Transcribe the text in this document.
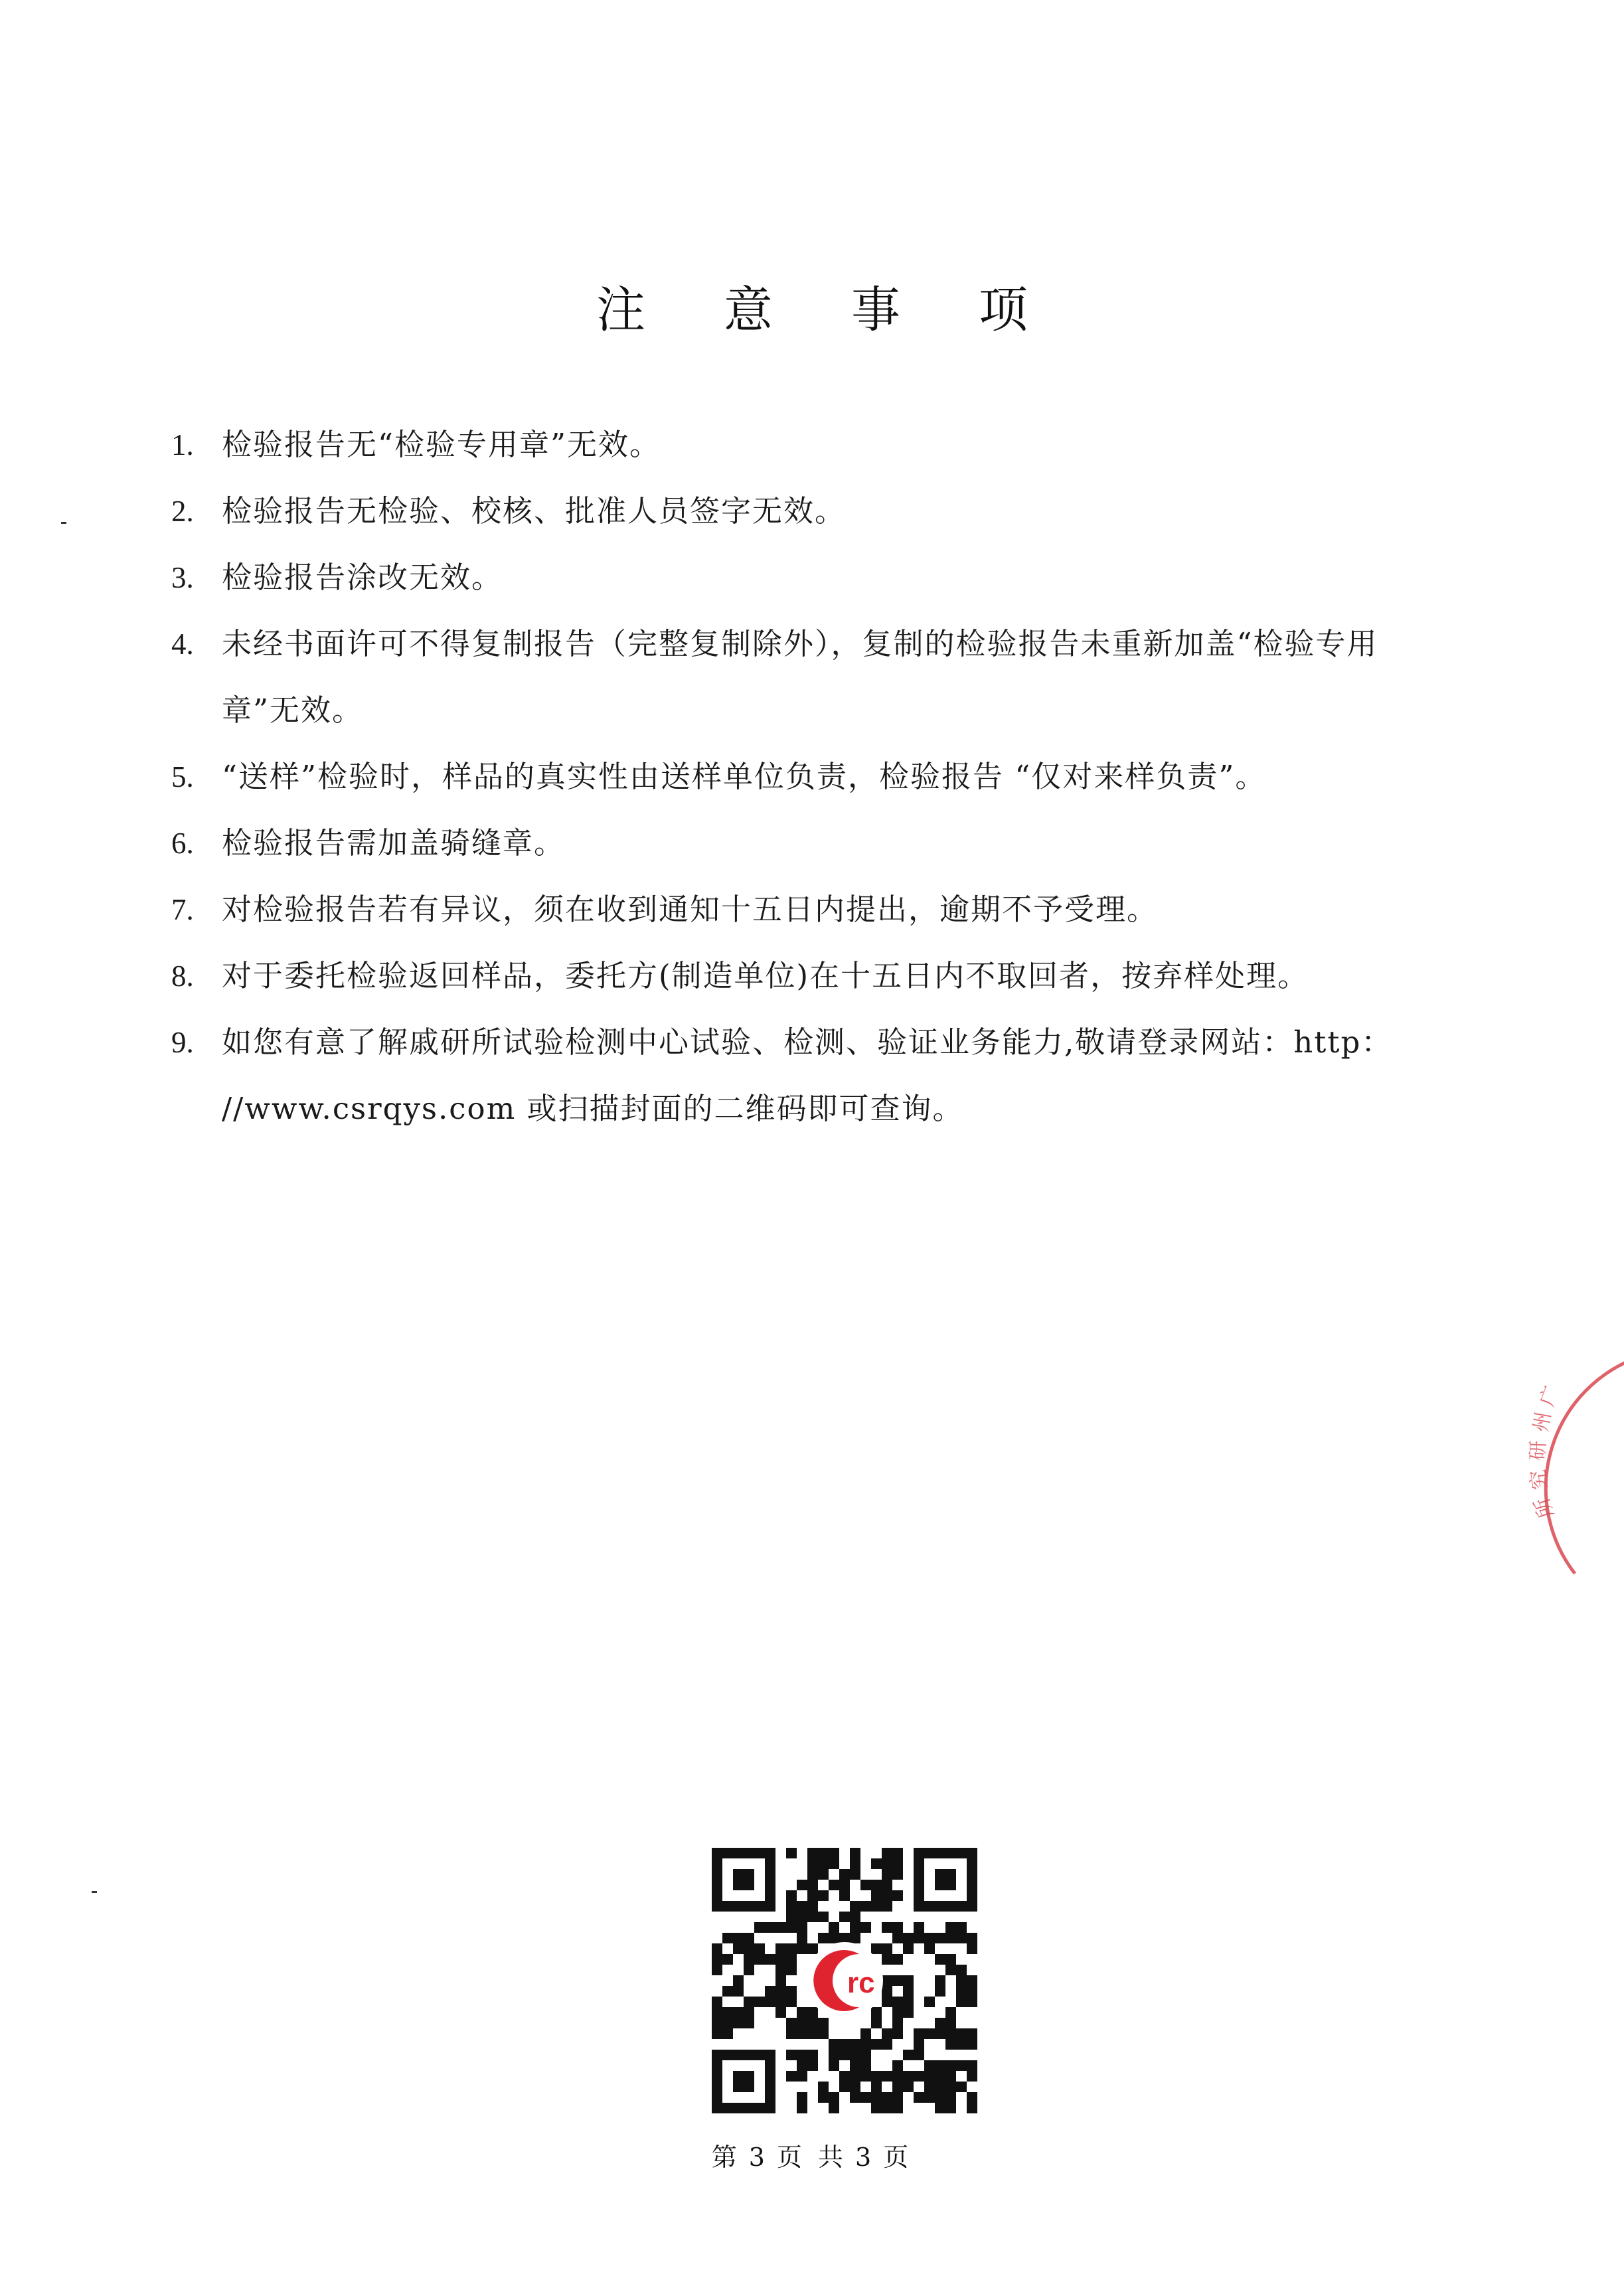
注意事项
1. 检验报告无“检验专用章”无效。
2. 检验报告无检验、校核、批准人员签字无效。
3. 检验报告涂改无效。
4. 未经书面许可不得复制报告（完整复制除外），复制的检验报告未重新加盖“检验专用
章”无效。
5. “送样”检验时，样品的真实性由送样单位负责，检验报告 “仅对来样负责”。
6. 检验报告需加盖骑缝章。
7. 对检验报告若有异议，须在收到通知十五日内提出，逾期不予受理。
8. 对于委托检验返回样品，委托方(制造单位)在十五日内不取回者，按弃样处理。
9. 如您有意了解戚研所试验检测中心试验、检测、验证业务能力,敬请登录网站：http：
//www.csrqys.com 或扫描封面的二维码即可查询。
广
州
研
究
所
rc
第 3 页 共 3 页
